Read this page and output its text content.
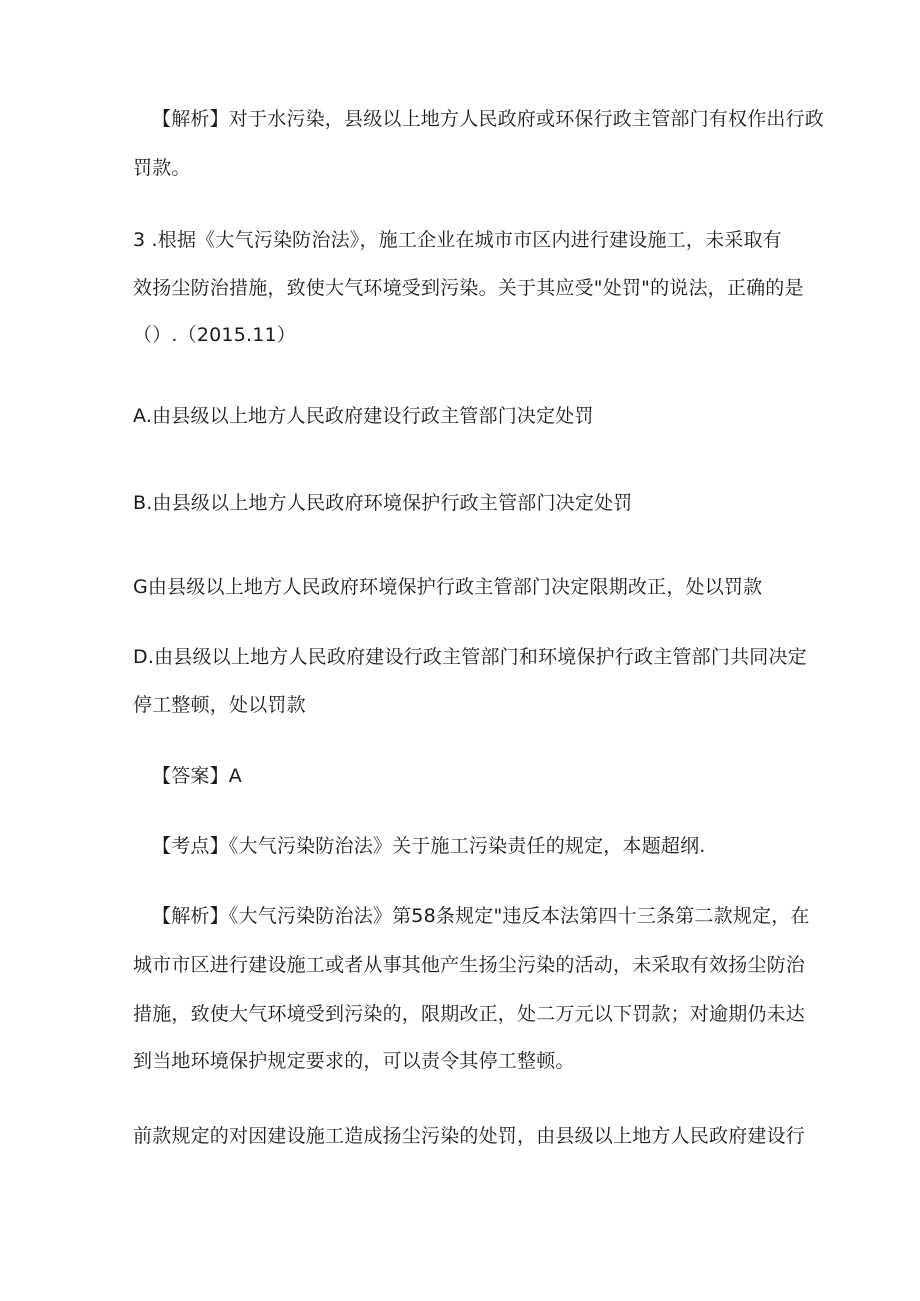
【解析】对于水污染，县级以上地方人民政府或环保行政主管部门有权作出行政
罚款。
3 .根据《大气污染防治法》，施工企业在城市市区内进行建设施工，未采取有
效扬尘防治措施，致使大气环境受到污染。关于其应受"处罚"的说法，正确的是
（）.（2015.11）
A.由县级以上地方人民政府建设行政主管部门决定处罚
B.由县级以上地方人民政府环境保护行政主管部门决定处罚
G由县级以上地方人民政府环境保护行政主管部门决定限期改正，处以罚款
D.由县级以上地方人民政府建设行政主管部门和环境保护行政主管部门共同决定
停工整顿，处以罚款
【答案】A
【考点】《大气污染防治法》关于施工污染责任的规定，本题超纲.
【解析】《大气污染防治法》第58条规定"违反本法第四十三条第二款规定，在
城市市区进行建设施工或者从事其他产生扬尘污染的活动，未采取有效扬尘防治
措施，致使大气环境受到污染的，限期改正，处二万元以下罚款；对逾期仍未达
到当地环境保护规定要求的，可以责令其停工整顿。
前款规定的对因建设施工造成扬尘污染的处罚，由县级以上地方人民政府建设行
